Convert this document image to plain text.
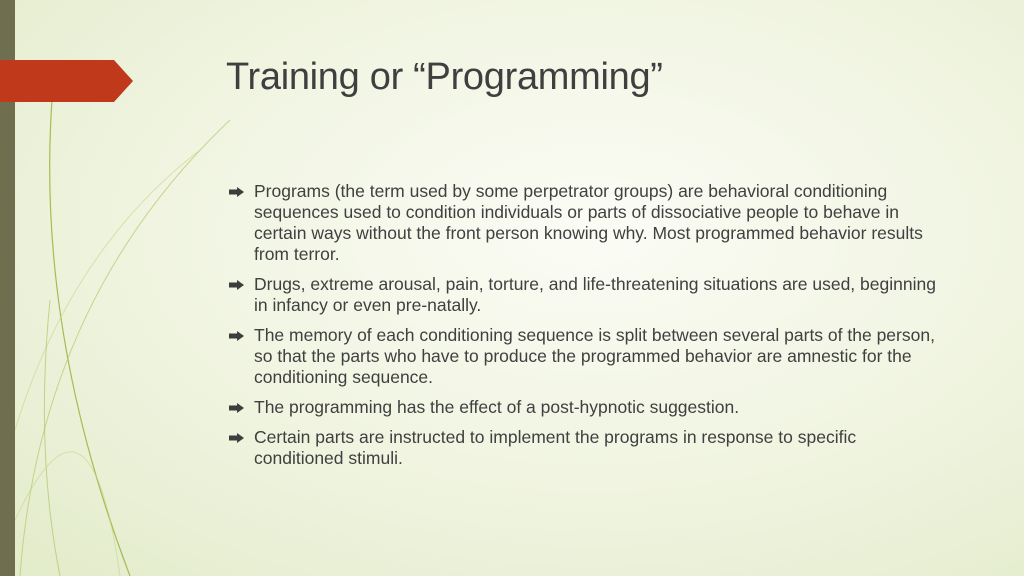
Training or “Programming”
Programs (the term used by some perpetrator groups) are behavioral conditioning sequences used to condition individuals or parts of dissociative people to behave in certain ways without the front person knowing why. Most programmed behavior results from terror.
Drugs, extreme arousal, pain, torture, and life-threatening situations are used, beginning in infancy or even pre-natally.
The memory of each conditioning sequence is split between several parts of the person, so that the parts who have to produce the programmed behavior are amnestic for the conditioning sequence.
The programming has the effect of a post-hypnotic suggestion.
Certain parts are instructed to implement the programs in response to specific conditioned stimuli.
